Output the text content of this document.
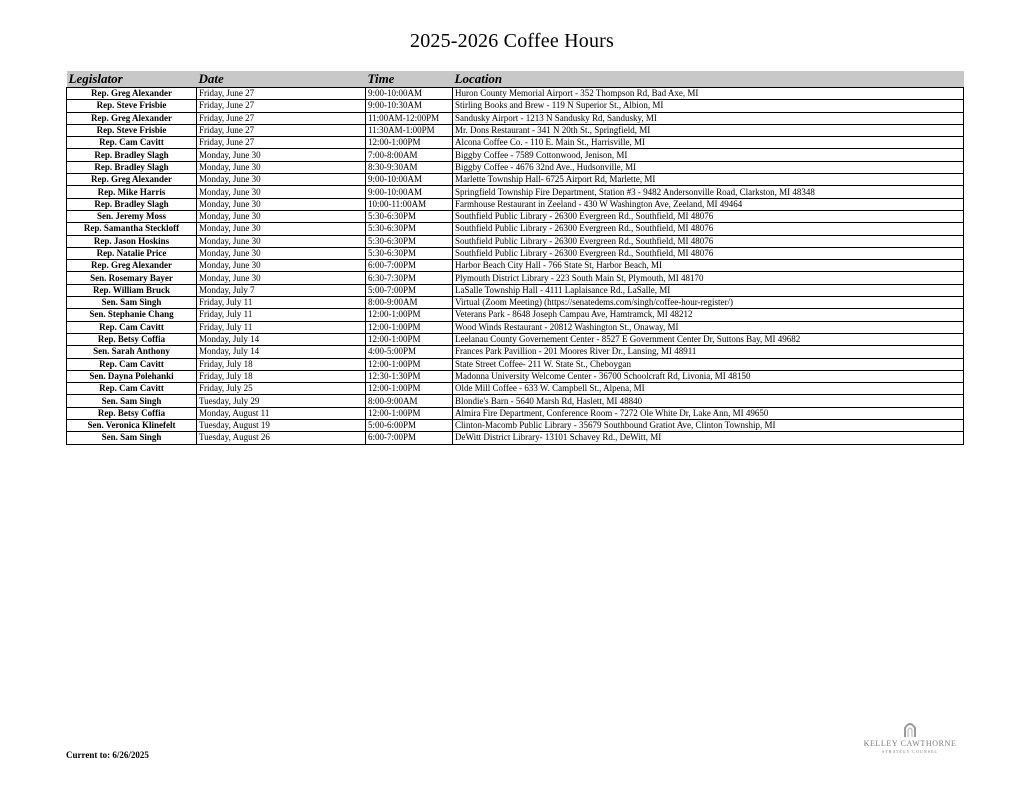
2025-2026 Coffee Hours
Legislator	Date	Time	Location
Rep. Greg Alexander	Friday, June 27	9:00-10:00AM	Huron County Memorial Airport - 352 Thompson Rd, Bad Axe, MI
Rep. Steve Frisbie	Friday, June 27	9:00-10:30AM	Stirling Books and Brew - 119 N Superior St., Albion, MI
Rep. Greg Alexander	Friday, June 27	11:00AM-12:00PM	Sandusky Airport - 1213 N Sandusky Rd, Sandusky, MI
Rep. Steve Frisbie	Friday, June 27	11:30AM-1:00PM	Mr. Dons Restaurant - 341 N 20th St., Springfield, MI
Rep. Cam Cavitt	Friday, June 27	12:00-1:00PM	Alcona Coffee Co. - 110 E. Main St., Harrisville, MI
Rep. Bradley Slagh	Monday, June 30	7:00-8:00AM	Biggby Coffee - 7589 Cottonwood, Jenison, MI
Rep. Bradley Slagh	Monday, June 30	8:30-9:30AM	Biggby Coffee - 4676 32nd Ave., Hudsonville, MI
Rep. Greg Alexander	Monday, June 30	9:00-10:00AM	Marlette Township Hall- 6725 Airport Rd, Marlette, MI
Rep. Mike Harris	Monday, June 30	9:00-10:00AM	Springfield Township Fire Department, Station #3 - 9482 Andersonville Road, Clarkston, MI 48348
Rep. Bradley Slagh	Monday, June 30	10:00-11:00AM	Farmhouse Restaurant in Zeeland - 430 W Washington Ave, Zeeland, MI 49464
Sen. Jeremy Moss	Monday, June 30	5:30-6:30PM	Southfield Public Library - 26300 Evergreen Rd., Southfield, MI 48076
Rep. Samantha Steckloff	Monday, June 30	5:30-6:30PM	Southfield Public Library - 26300 Evergreen Rd., Southfield, MI 48076
Rep. Jason Hoskins	Monday, June 30	5:30-6:30PM	Southfield Public Library - 26300 Evergreen Rd., Southfield, MI 48076
Rep. Natalie Price	Monday, June 30	5:30-6:30PM	Southfield Public Library - 26300 Evergreen Rd., Southfield, MI 48076
Rep. Greg Alexander	Monday, June 30	6:00-7:00PM	Harbor Beach City Hall - 766 State St, Harbor Beach, MI
Sen. Rosemary Bayer	Monday, June 30	6:30-7:30PM	Plymouth District Library - 223 South Main St, Plymouth, MI 48170
Rep. William Bruck	Monday, July 7	5:00-7:00PM	LaSalle Township Hall - 4111 Laplaisance Rd., LaSalle, MI
Sen. Sam Singh	Friday, July 11	8:00-9:00AM	Virtual (Zoom Meeting) (https://senatedems.com/singh/coffee-hour-register/)
Sen. Stephanie Chang	Friday, July 11	12:00-1:00PM	Veterans Park - 8648 Joseph Campau Ave, Hamtramck, MI 48212
Rep. Cam Cavitt	Friday, July 11	12:00-1:00PM	Wood Winds Restaurant - 20812 Washington St., Onaway, MI
Rep. Betsy Coffia	Monday, July 14	12:00-1:00PM	Leelanau County Governement Center - 8527 E Government Center Dr, Suttons Bay, MI 49682
Sen. Sarah Anthony	Monday, July 14	4:00-5:00PM	Frances Park Pavillion - 201 Moores River Dr., Lansing, MI 48911
Rep. Cam Cavitt	Friday, July 18	12:00-1:00PM	State Street Coffee- 211 W. State St., Cheboygan
Sen. Dayna Polehanki	Friday, July 18	12:30-1:30PM	Madonna University Welcome Center - 36700 Schoolcraft Rd, Livonia, MI 48150
Rep. Cam Cavitt	Friday, July 25	12:00-1:00PM	Olde Mill Coffee - 633 W. Campbell St., Alpena, MI
Sen. Sam Singh	Tuesday, July 29	8:00-9:00AM	Blondie's Barn - 5640 Marsh Rd, Haslett, MI 48840
Rep. Betsy Coffia	Monday, August 11	12:00-1:00PM	Almira Fire Department, Conference Room - 7272 Ole White Dr, Lake Ann, MI 49650
Sen. Veronica Klinefelt	Tuesday, August 19	5:00-6:00PM	Clinton-Macomb Public Library - 35679 Southbound Gratiot Ave, Clinton Township, MI
Sen. Sam Singh	Tuesday, August 26	6:00-7:00PM	DeWitt District Library- 13101 Schavey Rd., DeWitt, MI
Current to: 6/26/2025
KELLEY CAWTHORNE
STRATEGY COUNSEL
